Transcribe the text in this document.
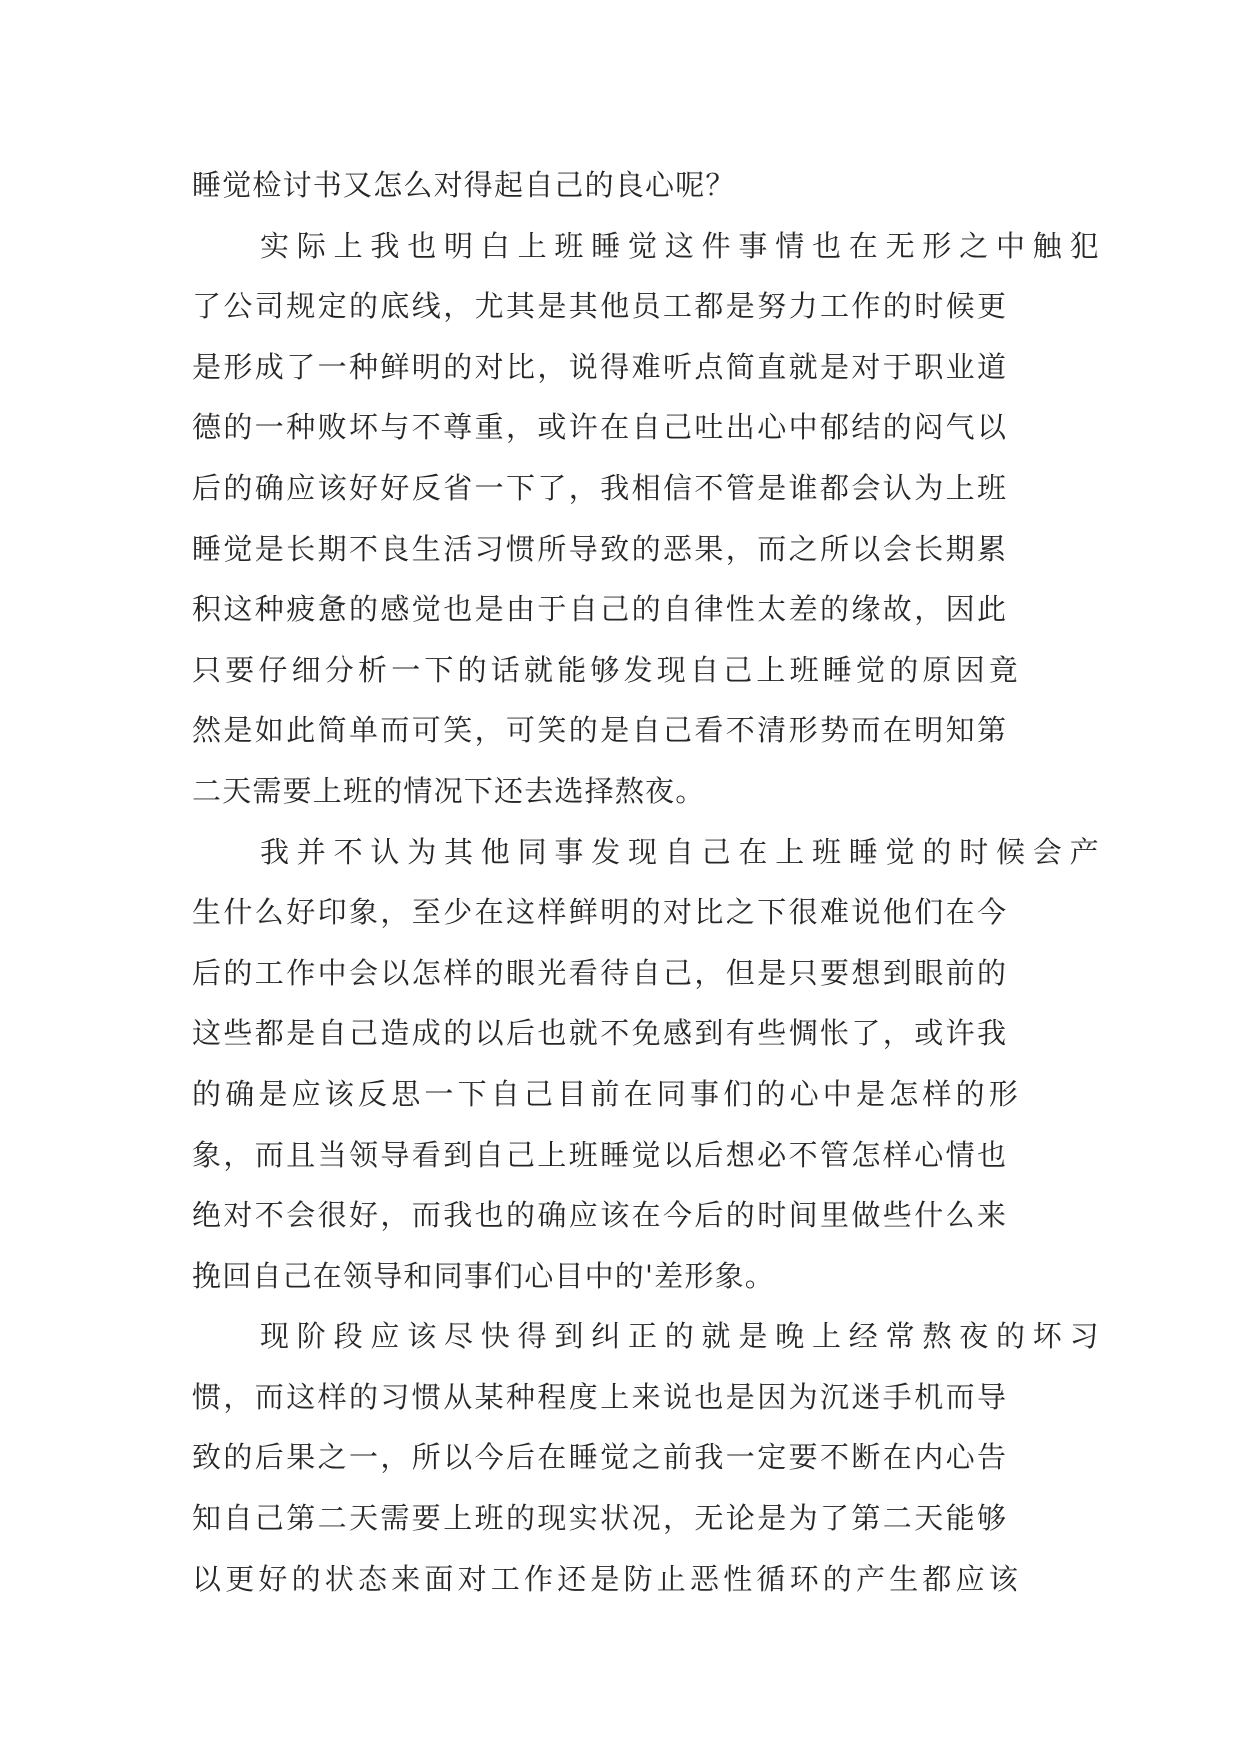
睡觉检讨书又怎么对得起自己的良心呢？
实际上我也明白上班睡觉这件事情也在无形之中触犯
了公司规定的底线，尤其是其他员工都是努力工作的时候更
是形成了一种鲜明的对比，说得难听点简直就是对于职业道
德的一种败坏与不尊重，或许在自己吐出心中郁结的闷气以
后的确应该好好反省一下了，我相信不管是谁都会认为上班
睡觉是长期不良生活习惯所导致的恶果，而之所以会长期累
积这种疲惫的感觉也是由于自己的自律性太差的缘故，因此
只要仔细分析一下的话就能够发现自己上班睡觉的原因竟
然是如此简单而可笑，可笑的是自己看不清形势而在明知第
二天需要上班的情况下还去选择熬夜。
我并不认为其他同事发现自己在上班睡觉的时候会产
生什么好印象，至少在这样鲜明的对比之下很难说他们在今
后的工作中会以怎样的眼光看待自己，但是只要想到眼前的
这些都是自己造成的以后也就不免感到有些惆怅了，或许我
的确是应该反思一下自己目前在同事们的心中是怎样的形
象，而且当领导看到自己上班睡觉以后想必不管怎样心情也
绝对不会很好，而我也的确应该在今后的时间里做些什么来
挽回自己在领导和同事们心目中的'差形象。
现阶段应该尽快得到纠正的就是晚上经常熬夜的坏习
惯，而这样的习惯从某种程度上来说也是因为沉迷手机而导
致的后果之一，所以今后在睡觉之前我一定要不断在内心告
知自己第二天需要上班的现实状况，无论是为了第二天能够
以更好的状态来面对工作还是防止恶性循环的产生都应该
